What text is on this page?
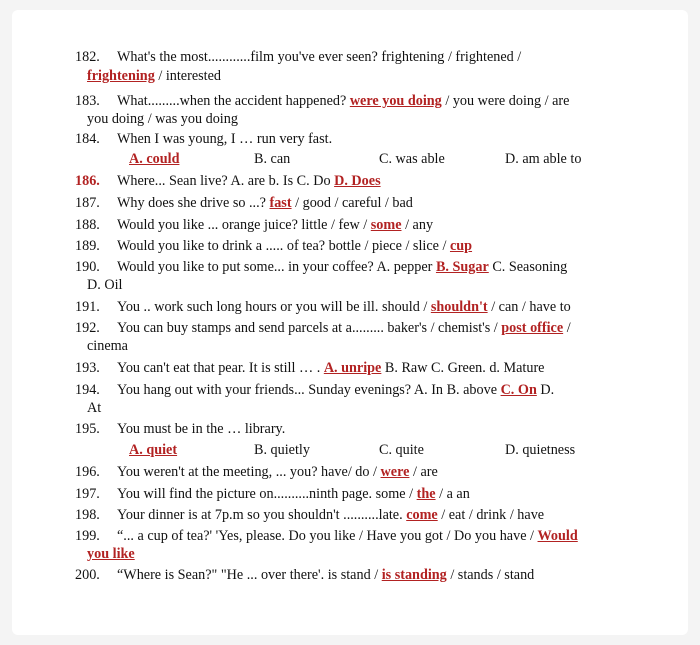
182. What's the most............film you've ever seen? frightening / frightened /
frightening / interested
183. What.........when the accident happened? were you doing / you were doing / are
you doing / was you doing
184. When I was young, I … run very fast.
A. could	B. can	C. was able	D. am able to
186. Where... Sean live? A. are b. Is C. Do D. Does
187. Why does she drive so ...? fast / good / careful / bad
188. Would you like ... orange juice? little / few / some / any
189. Would you like to drink a ..... of tea? bottle / piece / slice / cup
190. Would you like to put some... in your coffee? A. pepper B. Sugar C. Seasoning
D. Oil
191. You .. work such long hours or you will be ill. should / shouldn't / can / have to
192. You can buy stamps and send parcels at a......... baker's / chemist's / post office /
cinema
193. You can't eat that pear. It is still … . A. unripe B. Raw C. Green. d. Mature
194. You hang out with your friends... Sunday evenings? A. In B. above C. On D.
At
195. You must be in the … library.
A. quiet	B. quietly	C. quite	D. quietness
196. You weren't at the meeting, ... you? have/ do / were / are
197. You will find the picture on..........ninth page. some / the / a an
198. Your dinner is at 7p.m so you shouldn't ..........late. come / eat / drink / have
199. “... a cup of tea?' 'Yes, please. Do you like / Have you got / Do you have / Would
you like
200. “Where is Sean?" "He ... over there'. is stand / is standing / stands / stand
